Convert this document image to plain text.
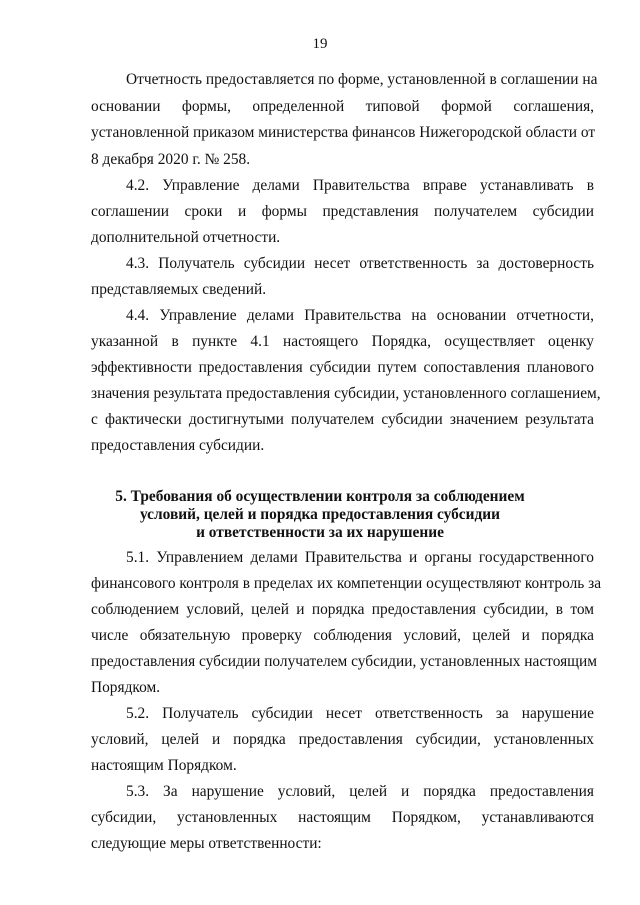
19
Отчетность предоставляется по форме, установленной в соглашении на
основании формы, определенной типовой формой соглашения,
установленной приказом министерства финансов Нижегородской области от
8 декабря 2020 г. № 258.
4.2. Управление делами Правительства вправе устанавливать в
соглашении сроки и формы представления получателем субсидии
дополнительной отчетности.
4.3. Получатель субсидии несет ответственность за достоверность
представляемых сведений.
4.4. Управление делами Правительства на основании отчетности,
указанной в пункте 4.1 настоящего Порядка, осуществляет оценку
эффективности предоставления субсидии путем сопоставления планового
значения результата предоставления субсидии, установленного соглашением,
с фактически достигнутыми получателем субсидии значением результата
предоставления субсидии.
5. Требования об осуществлении контроля за соблюдением
условий, целей и порядка предоставления субсидии
и ответственности за их нарушение
5.1. Управлением делами Правительства и органы государственного
финансового контроля в пределах их компетенции осуществляют контроль за
соблюдением условий, целей и порядка предоставления субсидии, в том
числе обязательную проверку соблюдения условий, целей и порядка
предоставления субсидии получателем субсидии, установленных настоящим
Порядком.
5.2. Получатель субсидии несет ответственность за нарушение
условий, целей и порядка предоставления субсидии, установленных
настоящим Порядком.
5.3. За нарушение условий, целей и порядка предоставления
субсидии, установленных настоящим Порядком, устанавливаются
следующие меры ответственности:
